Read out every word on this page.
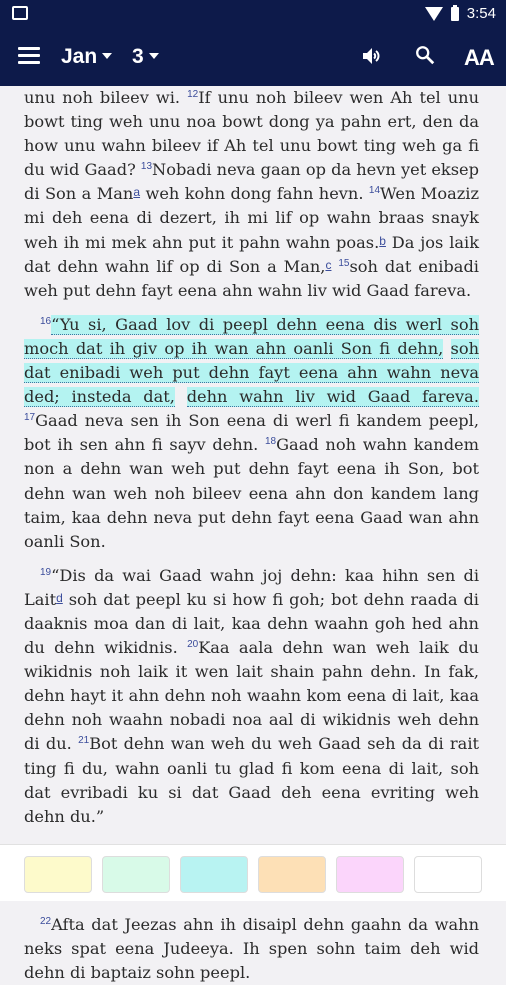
3:54
Jan	3	AA

unu noh bileev wi. $^{12}$If unu noh bileev wen Ah tel unu bowt ting weh unu noa bowt dong ya pahn ert, den da how unu wahn bileev if Ah tel unu bowt ting weh ga fi du wid Gaad? $^{13}$Nobadi neva gaan op da hevn yet eksep di Son a Man$^a$ weh kohn dong fahn hevn. $^{14}$Wen Moaziz mi deh eena di dezert, ih mi lif op wahn braas snayk weh ih mi mek ahn put it pahn wahn poas.$^b$ Da jos laik dat dehn wahn lif op di Son a Man,$^c$ $^{15}$soh dat enibadi weh put dehn fayt eena ahn wahn liv wid Gaad fareva.

$^{16}$“Yu si, Gaad lov di peepl dehn eena dis werl soh moch dat ih giv op ih wan ahn oanli Son fi dehn, soh dat enibadi weh put dehn fayt eena ahn wahn neva ded; insteda dat, dehn wahn liv wid Gaad fareva. $^{17}$Gaad neva sen ih Son eena di werl fi kandem peepl, bot ih sen ahn fi sayv dehn. $^{18}$Gaad noh wahn kandem non a dehn wan weh put dehn fayt eena ih Son, bot dehn wan weh noh bileev eena ahn don kandem lang taim, kaa dehn neva put dehn fayt eena Gaad wan ahn oanli Son.

$^{19}$“Dis da wai Gaad wahn joj dehn: kaa hihn sen di Lait$^d$ soh dat peepl ku si how fi goh; bot dehn raada di daaknis moa dan di lait, kaa dehn waahn goh hed ahn du dehn wikidnis. $^{20}$Kaa aala dehn wan weh laik du wikidnis noh laik it wen lait shain pahn dehn. In fak, dehn hayt it ahn dehn noh waahn kom eena di lait, kaa dehn noh waahn nobadi noa aal di wikidnis weh dehn di du. $^{21}$Bot dehn wan weh du weh Gaad seh da di rait ting fi du, wahn oanli tu glad fi kom eena di lait, soh dat evribadi ku si dat Gaad deh eena evriting weh dehn du.”

$^{22}$Afta dat Jeezas ahn ih disaipl dehn gaahn da wahn neks spat eena Judeeya. Ih spen sohn taim deh wid dehn di baptaiz sohn peepl.
